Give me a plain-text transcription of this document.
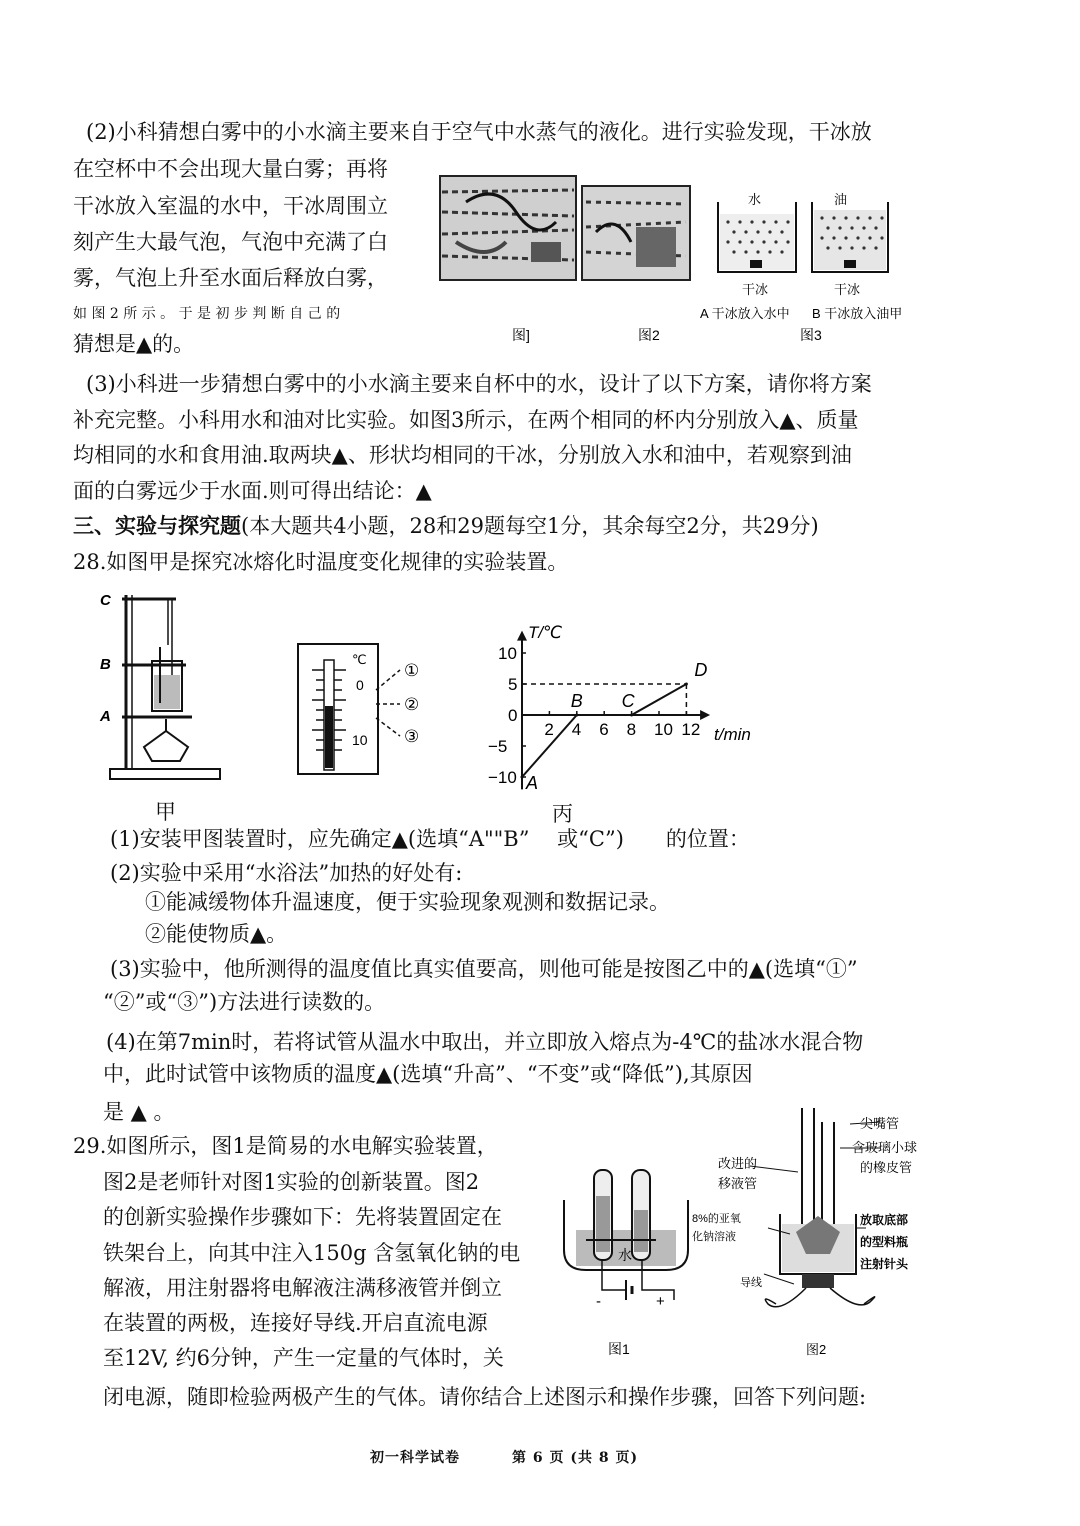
(2)小科猜想白雾中的小水滴主要来自于空气中水蒸气的液化。进行实验发现，干冰放
在空杯中不会出现大量白雾；再将
干冰放入室温的水中，干冰周围立
刻产生大最气泡，气泡中充满了白
雾，气泡上升至水面后释放白雾，
如 图 2 所 示 。 于 是 初 步 判 断 自 己 的
猜想是▲的。
水	油
干冰	干冰
A 干冰放入水中 B 干冰放入油甲
图]	图2	图3
(3)小科进一步猜想白雾中的小水滴主要来自杯中的水，设计了以下方案，请你将方案
补充完整。小科用水和油对比实验。如图3所示，在两个相同的杯内分别放入▲、质量
均相同的水和食用油.取两块▲、形状均相同的干冰，分别放入水和油中，若观察到油
面的白雾远少于水面.则可得出结论：▲
三、实验与探究题(本大题共4小题，28和29题每空1分，其余每空2分，共29分)
28.如图甲是探究冰熔化时温度变化规律的实验装置。
C
B
A
甲
℃
0
10
①
②
③
T/℃
t/min
2 4 6 8 10 12
10
5
0
−5
−10 A
B C
D
丙
(1)安装甲图装置时，应先确定▲(选填“A""B”　 或“C”)　　的位置：
(2)实验中采用“水浴法”加热的好处有:
①能减缓物体升温速度，便于实验现象观测和数据记录。
②能使物质▲。
(3)实验中，他所测得的温度值比真实值要高，则他可能是按图乙中的▲(选填“①”
“②”或“③”)方法进行读数的。
(4)在第7min时，若将试管从温水中取出，并立即放入熔点为-4℃的盐冰水混合物
中，此时试管中该物质的温度▲(选填“升高”、“不变”或“降低”),其原因
是 ▲ 。
29.如图所示，图1是简易的水电解实验装置，
图2是老师针对图1实验的创新装置。图2
的创新实验操作步骤如下：先将装置固定在
铁架台上，向其中注入150g 含氢氧化钠的电
解液，用注射器将电解液注满移液管并倒立
在装置的两极，连接好导线.开启直流电源
至12V, 约6分钟，产生一定量的气体时，关
闭电源，随即检验两极产生的气体。请你结合上述图示和操作步骤，回答下列问题:
水
-	+
图1
尖嘴管
含玻璃小球
的橡皮管
改进的
移液管
8%的亚氧
化钠溶液
放取底部
的型料瓶
注射针头
导线
图2
初一科学试卷	第 6 页 (共 8 页)
